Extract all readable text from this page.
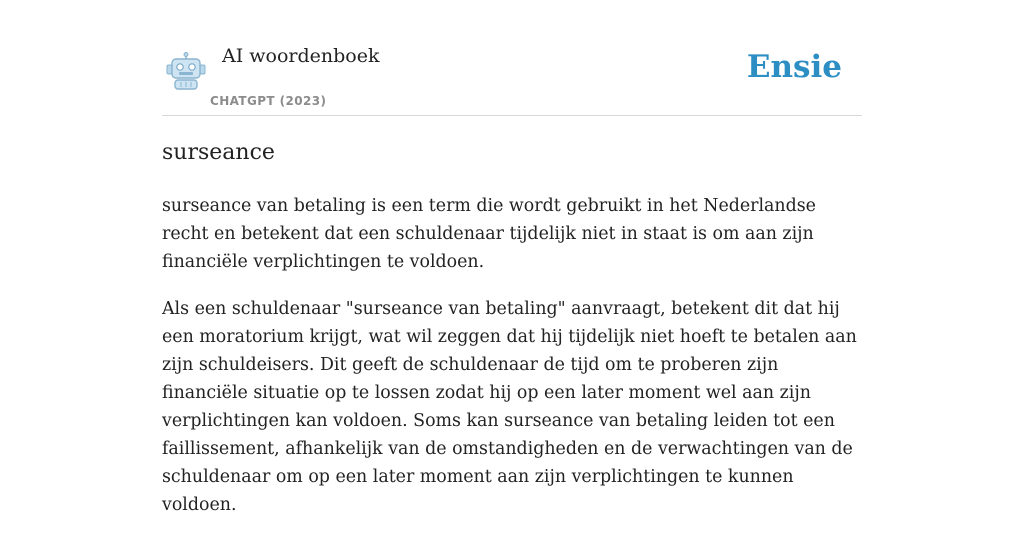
AI woordenboek
CHATGPT (2023)
Ensie
surseance

surseance van betaling is een term die wordt gebruikt in het Nederlandse recht en betekent dat een schuldenaar tijdelijk niet in staat is om aan zijn financiële verplichtingen te voldoen.

Als een schuldenaar "surseance van betaling" aanvraagt, betekent dit dat hij een moratorium krijgt, wat wil zeggen dat hij tijdelijk niet hoeft te betalen aan zijn schuldeisers. Dit geeft de schuldenaar de tijd om te proberen zijn financiële situatie op te lossen zodat hij op een later moment wel aan zijn verplichtingen kan voldoen. Soms kan surseance van betaling leiden tot een faillissement, afhankelijk van de omstandigheden en de verwachtingen van de schuldenaar om op een later moment aan zijn verplichtingen te kunnen voldoen.
